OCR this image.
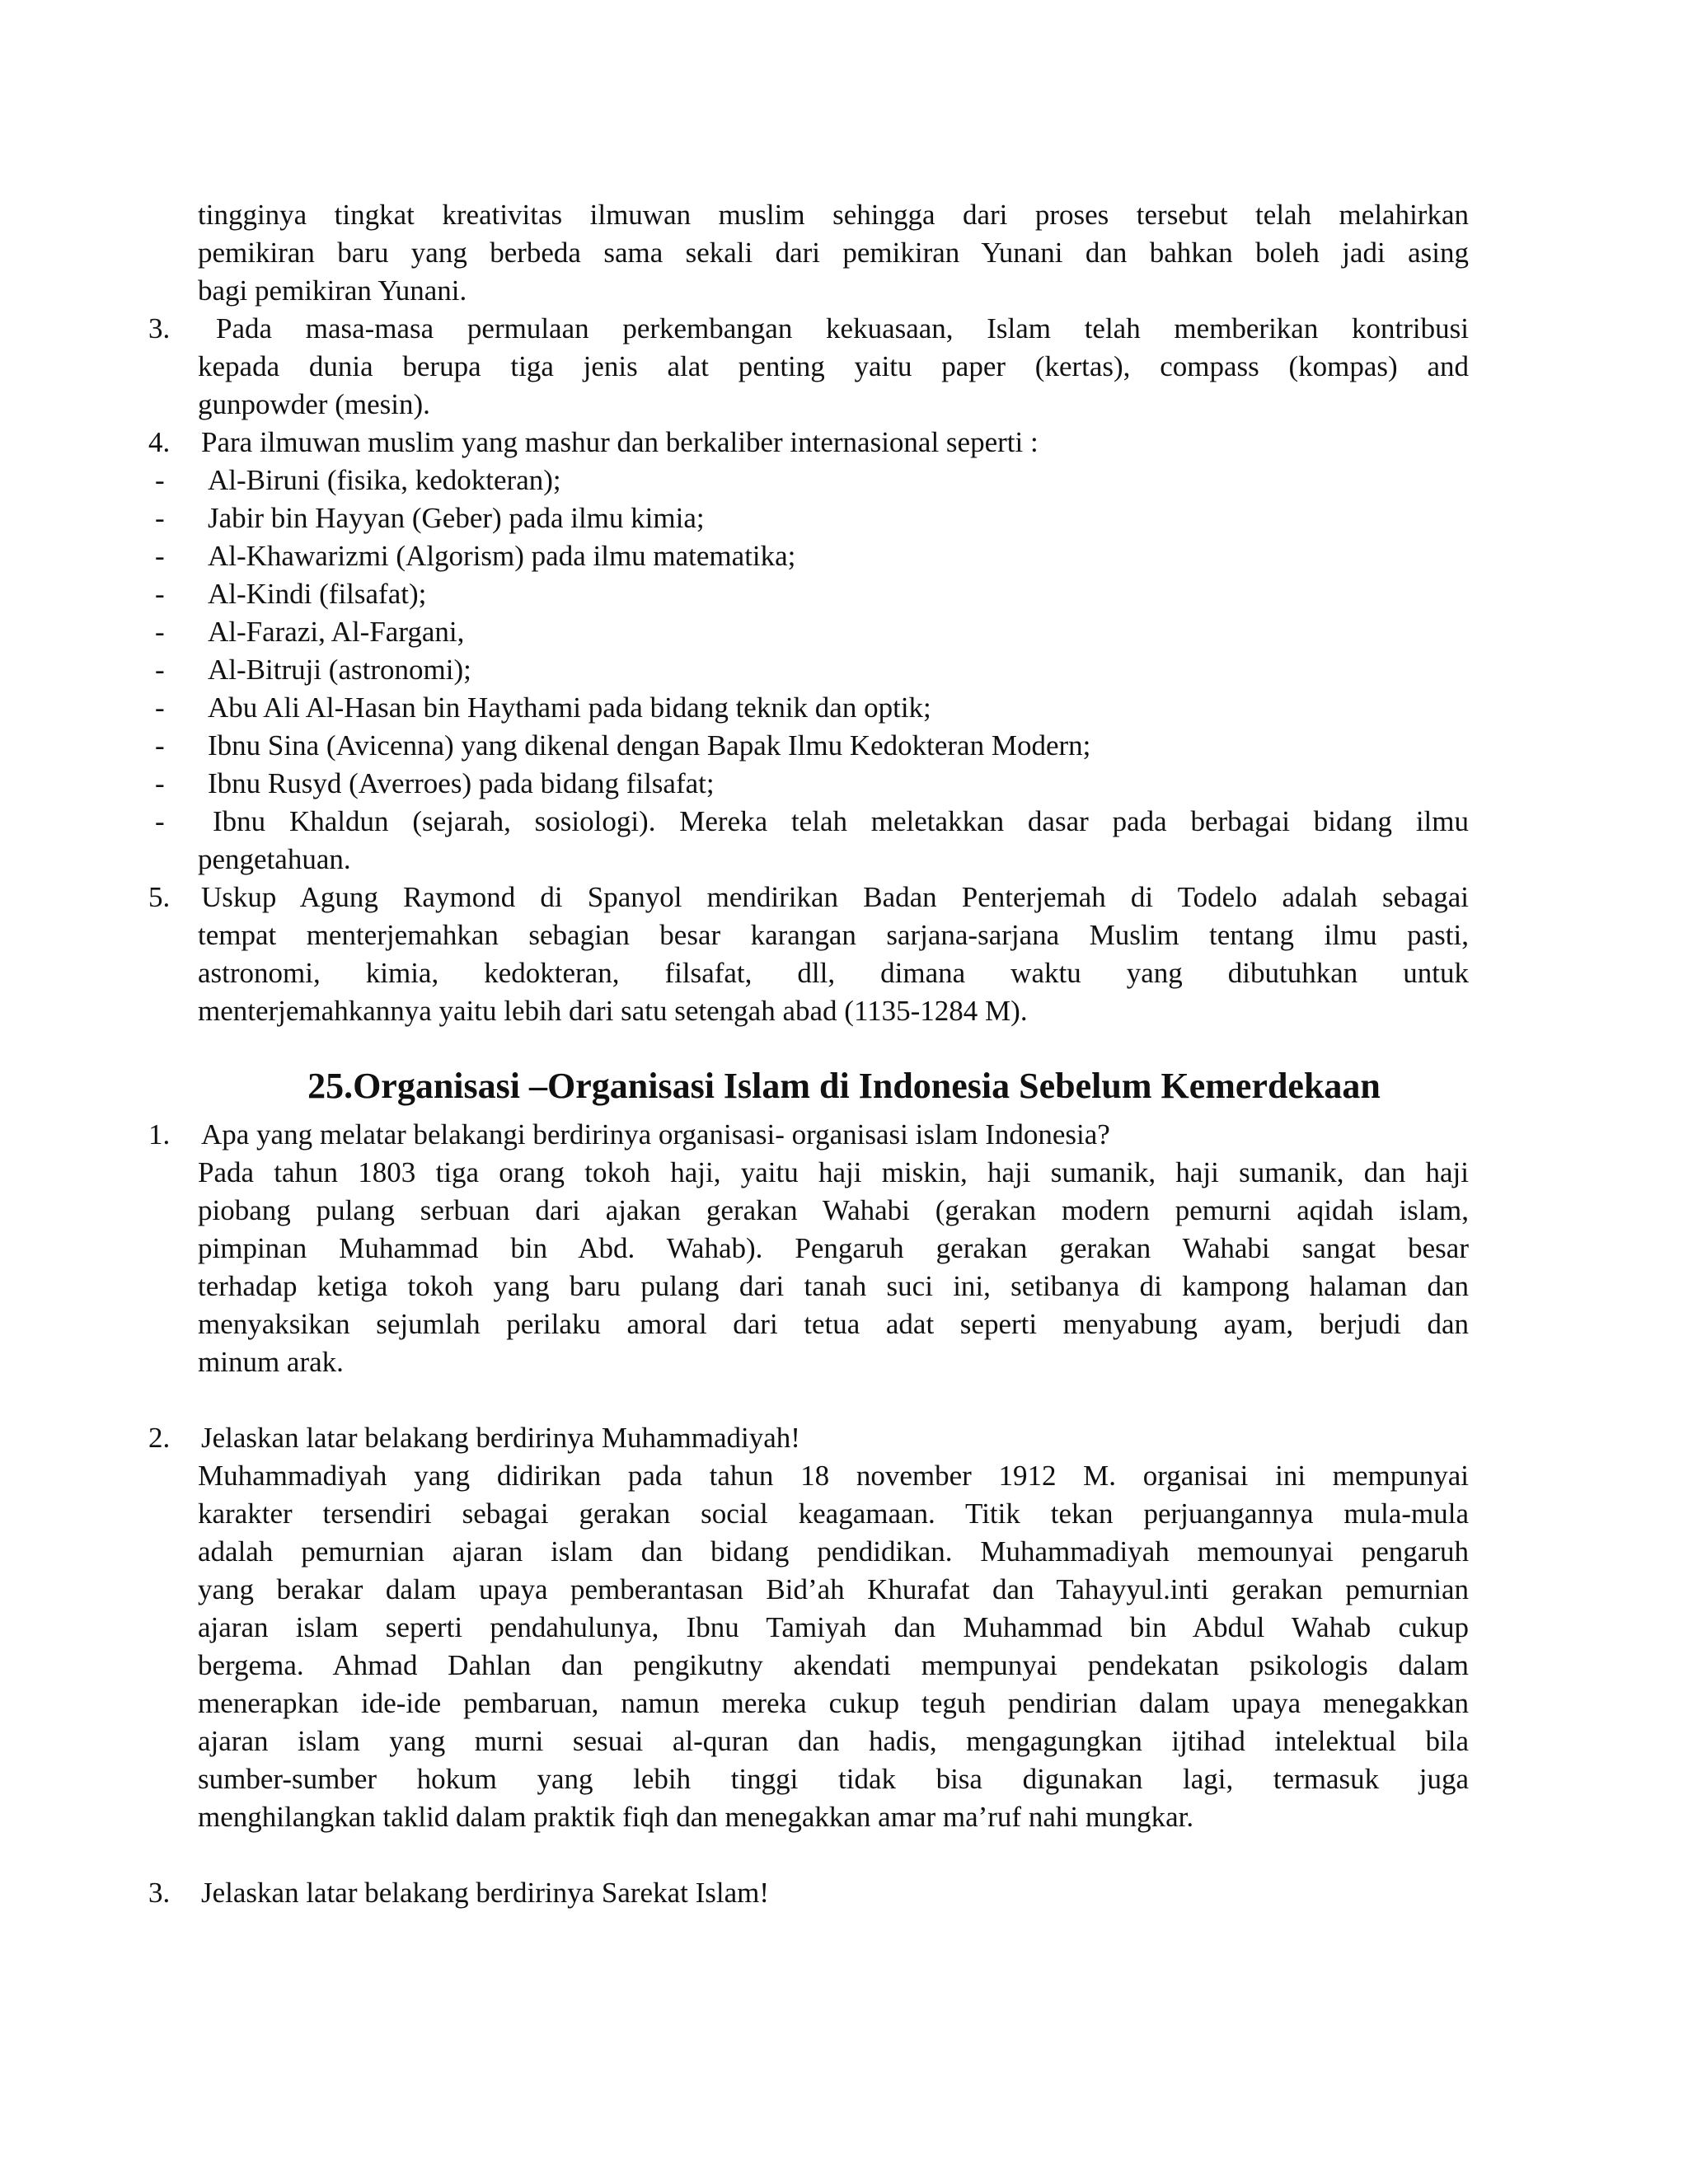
tingginya tingkat kreativitas ilmuwan muslim sehingga dari proses tersebut telah melahirkan
pemikiran baru yang berbeda sama sekali dari pemikiran Yunani dan bahkan boleh jadi asing
bagi pemikiran Yunani.
3. Pada masa-masa permulaan perkembangan kekuasaan, Islam telah memberikan kontribusi
kepada dunia berupa tiga jenis alat penting yaitu paper (kertas), compass (kompas) and
gunpowder (mesin).
4. Para ilmuwan muslim yang mashur dan berkaliber internasional seperti :
- Al-Biruni (fisika, kedokteran);
- Jabir bin Hayyan (Geber) pada ilmu kimia;
- Al-Khawarizmi (Algorism) pada ilmu matematika;
- Al-Kindi (filsafat);
- Al-Farazi, Al-Fargani,
- Al-Bitruji (astronomi);
- Abu Ali Al-Hasan bin Haythami pada bidang teknik dan optik;
- Ibnu Sina (Avicenna) yang dikenal dengan Bapak Ilmu Kedokteran Modern;
- Ibnu Rusyd (Averroes) pada bidang filsafat;
- Ibnu Khaldun (sejarah, sosiologi). Mereka telah meletakkan dasar pada berbagai bidang ilmu
pengetahuan.
5. Uskup Agung Raymond di Spanyol mendirikan Badan Penterjemah di Todelo adalah sebagai
tempat menterjemahkan sebagian besar karangan sarjana-sarjana Muslim tentang ilmu pasti,
astronomi, kimia, kedokteran, filsafat, dll, dimana waktu yang dibutuhkan untuk
menterjemahkannya yaitu lebih dari satu setengah abad (1135-1284 M).
25.Organisasi –Organisasi Islam di Indonesia Sebelum Kemerdekaan
1. Apa yang melatar belakangi berdirinya organisasi- organisasi islam Indonesia?
Pada tahun 1803 tiga orang tokoh haji, yaitu haji miskin, haji sumanik, haji sumanik, dan haji
piobang pulang serbuan dari ajakan gerakan Wahabi (gerakan modern pemurni aqidah islam,
pimpinan Muhammad bin Abd. Wahab). Pengaruh gerakan gerakan Wahabi sangat besar
terhadap ketiga tokoh yang baru pulang dari tanah suci ini, setibanya di kampong halaman dan
menyaksikan sejumlah perilaku amoral dari tetua adat seperti menyabung ayam, berjudi dan
minum arak.
2. Jelaskan latar belakang berdirinya Muhammadiyah!
Muhammadiyah yang didirikan pada tahun 18 november 1912 M. organisai ini mempunyai
karakter tersendiri sebagai gerakan social keagamaan. Titik tekan perjuangannya mula-mula
adalah pemurnian ajaran islam dan bidang pendidikan. Muhammadiyah memounyai pengaruh
yang berakar dalam upaya pemberantasan Bid’ah Khurafat dan Tahayyul.inti gerakan pemurnian
ajaran islam seperti pendahulunya, Ibnu Tamiyah dan Muhammad bin Abdul Wahab cukup
bergema. Ahmad Dahlan dan pengikutny akendati mempunyai pendekatan psikologis dalam
menerapkan ide-ide pembaruan, namun mereka cukup teguh pendirian dalam upaya menegakkan
ajaran islam yang murni sesuai al-quran dan hadis, mengagungkan ijtihad intelektual bila
sumber-sumber hokum yang lebih tinggi tidak bisa digunakan lagi, termasuk juga
menghilangkan taklid dalam praktik fiqh dan menegakkan amar ma’ruf nahi mungkar.
3. Jelaskan latar belakang berdirinya Sarekat Islam!
